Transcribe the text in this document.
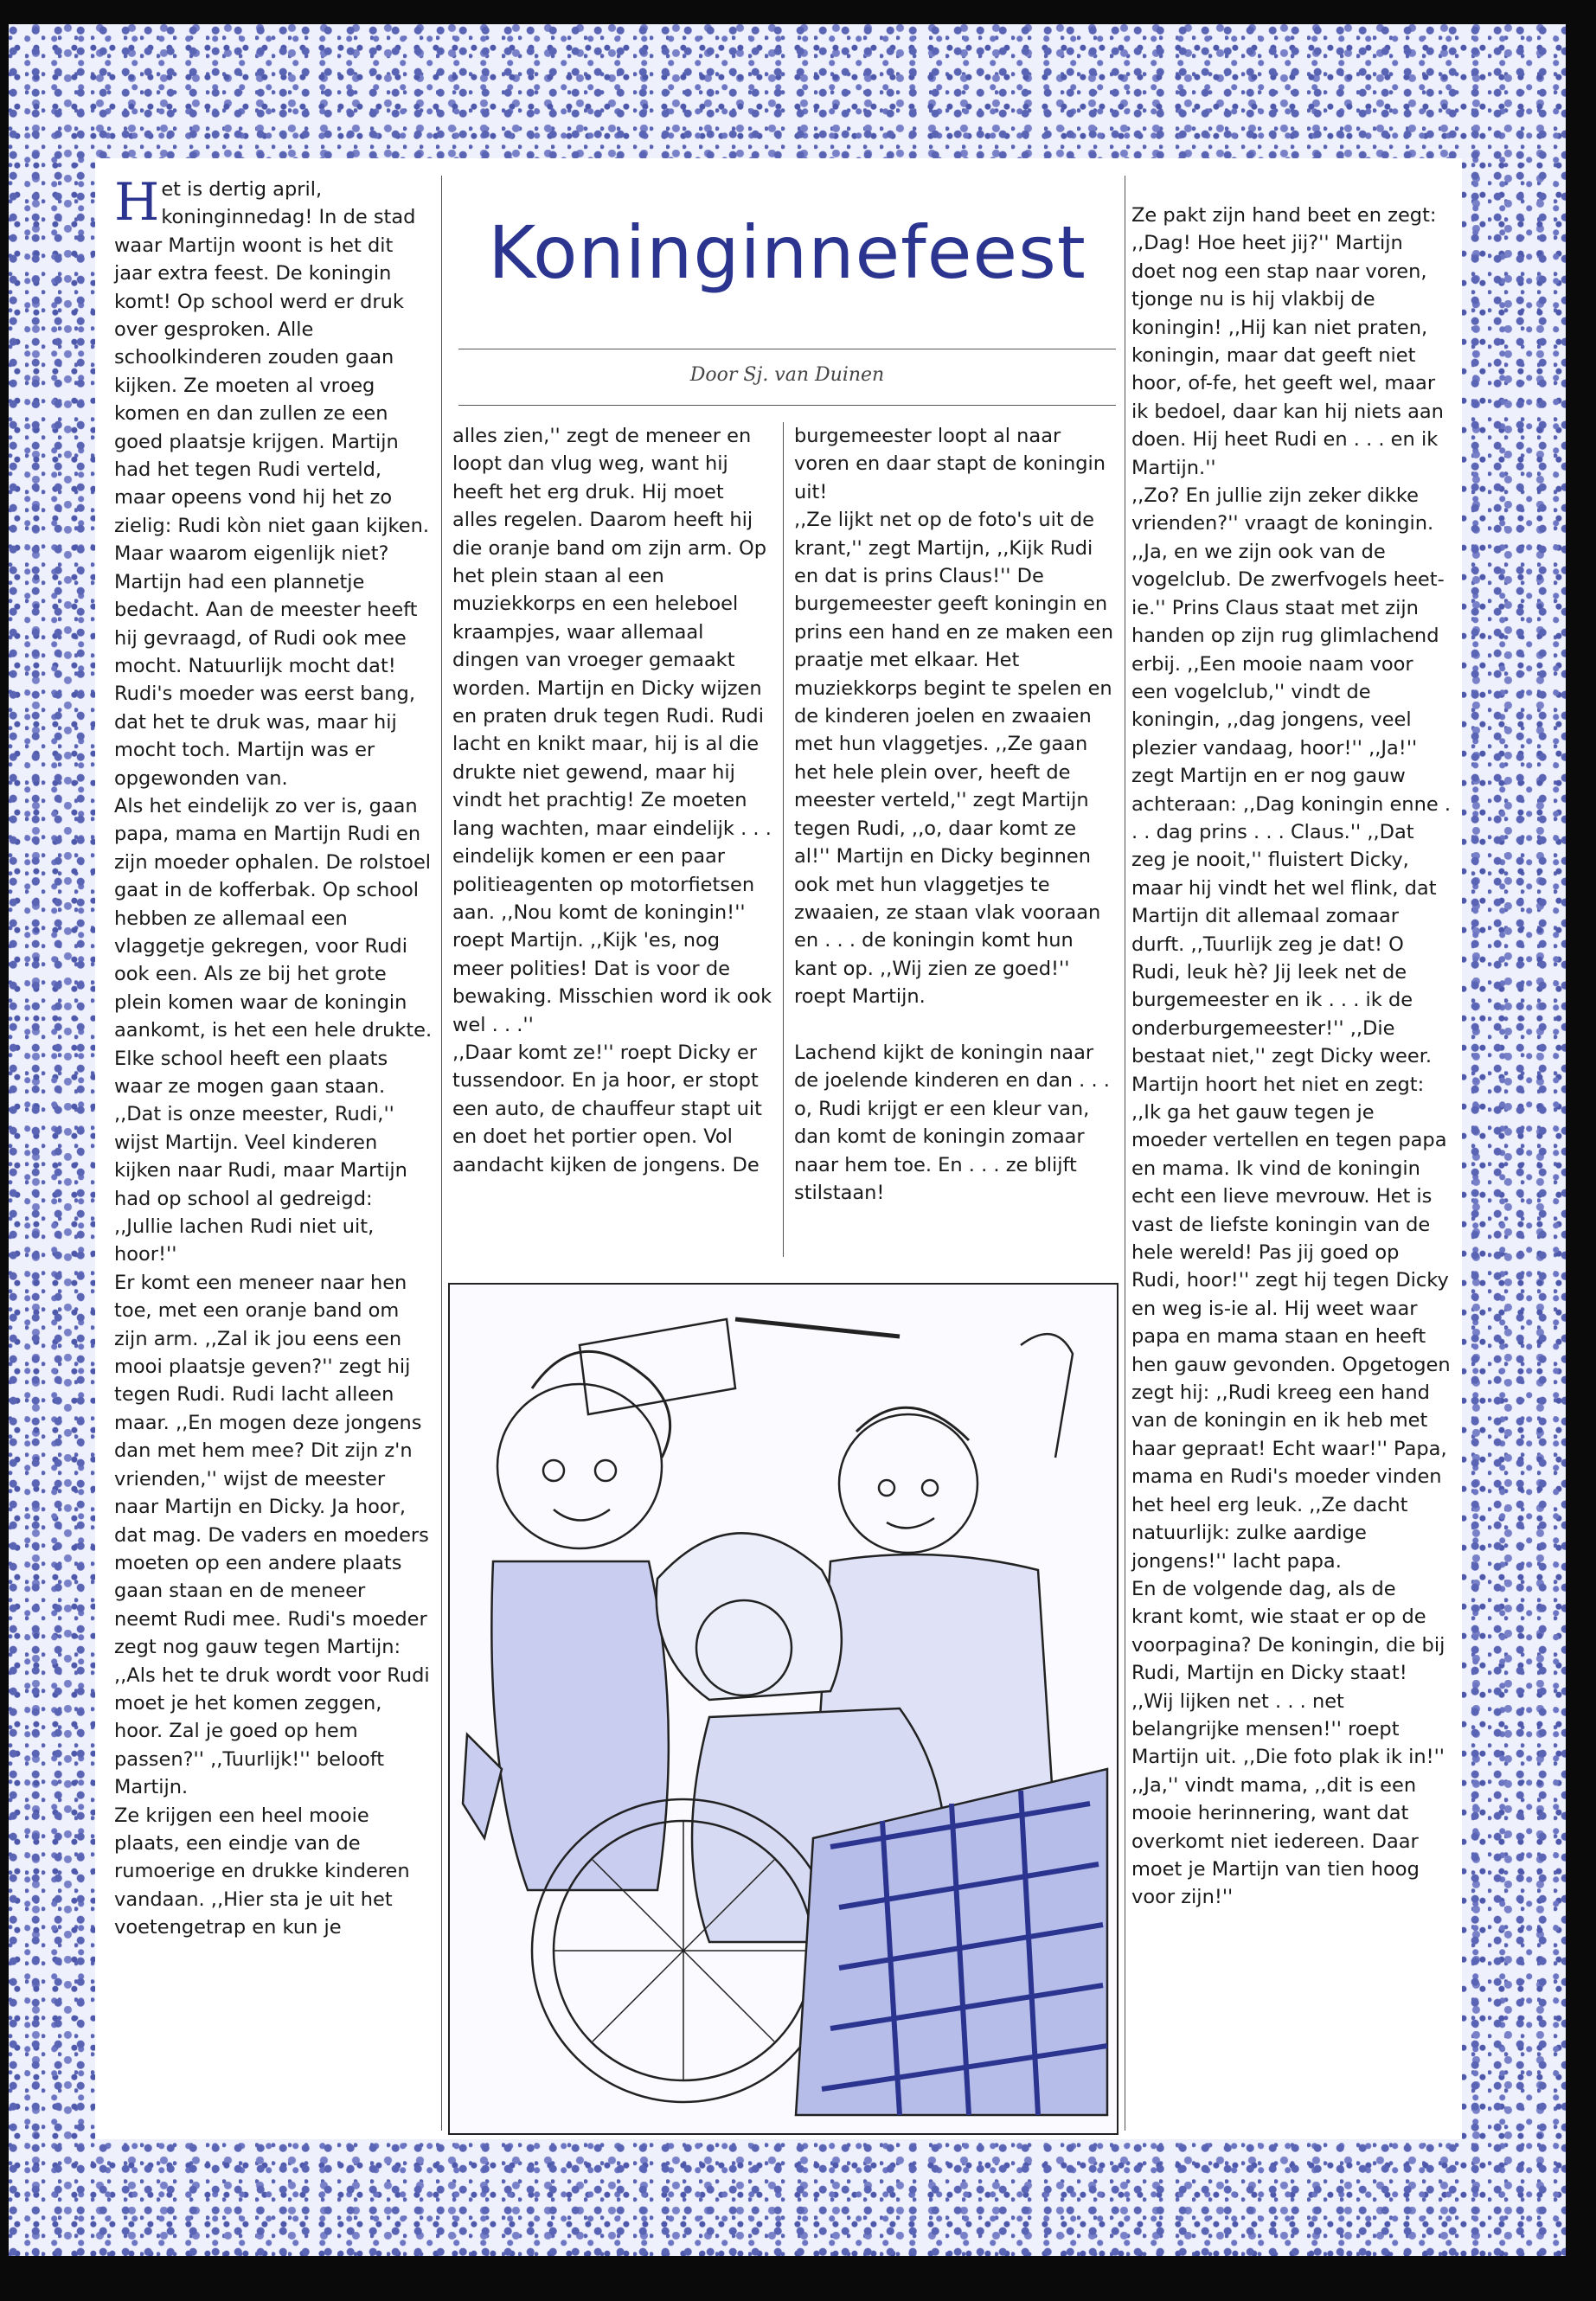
Het is dertig april, koninginnedag! In de stad waar Martijn woont is het dit jaar extra feest. De koningin komt! Op school werd er druk over gesproken. Alle schoolkinderen zouden gaan kijken. Ze moeten al vroeg komen en dan zullen ze een goed plaatsje krijgen. Martijn had het tegen Rudi verteld, maar opeens vond hij het zo zielig: Rudi kòn niet gaan kijken.
Maar waarom eigenlijk niet? Martijn had een plannetje bedacht. Aan de meester heeft hij gevraagd, of Rudi ook mee mocht. Natuurlijk mocht dat! Rudi's moeder was eerst bang, dat het te druk was, maar hij mocht toch. Martijn was er opgewonden van.
Als het eindelijk zo ver is, gaan papa, mama en Martijn Rudi en zijn moeder ophalen. De rolstoel gaat in de kofferbak. Op school hebben ze allemaal een vlaggetje gekregen, voor Rudi ook een. Als ze bij het grote plein komen waar de koningin aankomt, is het een hele drukte. Elke school heeft een plaats waar ze mogen gaan staan. ,,Dat is onze meester, Rudi,'' wijst Martijn. Veel kinderen kijken naar Rudi, maar Martijn had op school al gedreigd: ,,Jullie lachen Rudi niet uit, hoor!''
Er komt een meneer naar hen toe, met een oranje band om zijn arm. ,,Zal ik jou eens een mooi plaatsje geven?'' zegt hij tegen Rudi. Rudi lacht alleen maar. ,,En mogen deze jongens dan met hem mee? Dit zijn z'n vrienden,'' wijst de meester naar Martijn en Dicky. Ja hoor, dat mag. De vaders en moeders moeten op een andere plaats gaan staan en de meneer neemt Rudi mee. Rudi's moeder zegt nog gauw tegen Martijn: ,,Als het te druk wordt voor Rudi moet je het komen zeggen, hoor. Zal je goed op hem passen?'' ,,Tuurlijk!'' belooft Martijn.
Ze krijgen een heel mooie plaats, een eindje van de rumoerige en drukke kinderen vandaan. ,,Hier sta je uit het voetengetrap en kun je
Koninginnefeest
Door Sj. van Duinen
alles zien,'' zegt de meneer en loopt dan vlug weg, want hij heeft het erg druk. Hij moet alles regelen. Daarom heeft hij die oranje band om zijn arm. Op het plein staan al een muziekkorps en een heleboel kraampjes, waar allemaal dingen van vroeger gemaakt worden. Martijn en Dicky wijzen en praten druk tegen Rudi. Rudi lacht en knikt maar, hij is al die drukte niet gewend, maar hij vindt het prachtig! Ze moeten lang wachten, maar eindelijk . . . eindelijk komen er een paar politieagenten op motorfietsen aan. ,,Nou komt de koningin!'' roept Martijn. ,,Kijk 'es, nog meer polities! Dat is voor de bewaking. Misschien word ik ook wel . . .''
,,Daar komt ze!'' roept Dicky er tussendoor. En ja hoor, er stopt een auto, de chauffeur stapt uit en doet het portier open. Vol aandacht kijken de jongens. De
burgemeester loopt al naar voren en daar stapt de koningin uit!
,,Ze lijkt net op de foto's uit de krant,'' zegt Martijn, ,,Kijk Rudi en dat is prins Claus!'' De burgemeester geeft koningin en prins een hand en ze maken een praatje met elkaar. Het muziekkorps begint te spelen en de kinderen joelen en zwaaien met hun vlaggetjes. ,,Ze gaan het hele plein over, heeft de meester verteld,'' zegt Martijn tegen Rudi, ,,o, daar komt ze al!'' Martijn en Dicky beginnen ook met hun vlaggetjes te zwaaien, ze staan vlak vooraan en . . . de koningin komt hun kant op. ,,Wij zien ze goed!'' roept Martijn.

Lachend kijkt de koningin naar de joelende kinderen en dan . . . o, Rudi krijgt er een kleur van, dan komt de koningin zomaar naar hem toe. En . . . ze blijft stilstaan!
Ze pakt zijn hand beet en zegt: ,,Dag! Hoe heet jij?'' Martijn doet nog een stap naar voren, tjonge nu is hij vlakbij de koningin! ,,Hij kan niet praten, koningin, maar dat geeft niet hoor, of-fe, het geeft wel, maar ik bedoel, daar kan hij niets aan doen. Hij heet Rudi en . . . en ik Martijn.''
,,Zo? En jullie zijn zeker dikke vrienden?'' vraagt de koningin. ,,Ja, en we zijn ook van de vogelclub. De zwerfvogels heet-ie.'' Prins Claus staat met zijn handen op zijn rug glimlachend erbij. ,,Een mooie naam voor een vogelclub,'' vindt de koningin, ,,dag jongens, veel plezier vandaag, hoor!'' ,,Ja!'' zegt Martijn en er nog gauw achteraan: ,,Dag koningin enne . . . dag prins . . . Claus.'' ,,Dat zeg je nooit,'' fluistert Dicky, maar hij vindt het wel flink, dat Martijn dit allemaal zomaar durft. ,,Tuurlijk zeg je dat! O Rudi, leuk hè? Jij leek net de burgemeester en ik . . . ik de onderburgemeester!'' ,,Die bestaat niet,'' zegt Dicky weer.
Martijn hoort het niet en zegt: ,,Ik ga het gauw tegen je moeder vertellen en tegen papa en mama. Ik vind de koningin echt een lieve mevrouw. Het is vast de liefste koningin van de hele wereld! Pas jij goed op Rudi, hoor!'' zegt hij tegen Dicky en weg is-ie al. Hij weet waar papa en mama staan en heeft hen gauw gevonden. Opgetogen zegt hij: ,,Rudi kreeg een hand van de koningin en ik heb met haar gepraat! Echt waar!'' Papa, mama en Rudi's moeder vinden het heel erg leuk. ,,Ze dacht natuurlijk: zulke aardige jongens!'' lacht papa.
En de volgende dag, als de krant komt, wie staat er op de voorpagina? De koningin, die bij Rudi, Martijn en Dicky staat! ,,Wij lijken net . . . net belangrijke mensen!'' roept Martijn uit. ,,Die foto plak ik in!''
,,Ja,'' vindt mama, ,,dit is een mooie herinnering, want dat overkomt niet iedereen. Daar moet je Martijn van tien hoog voor zijn!''
